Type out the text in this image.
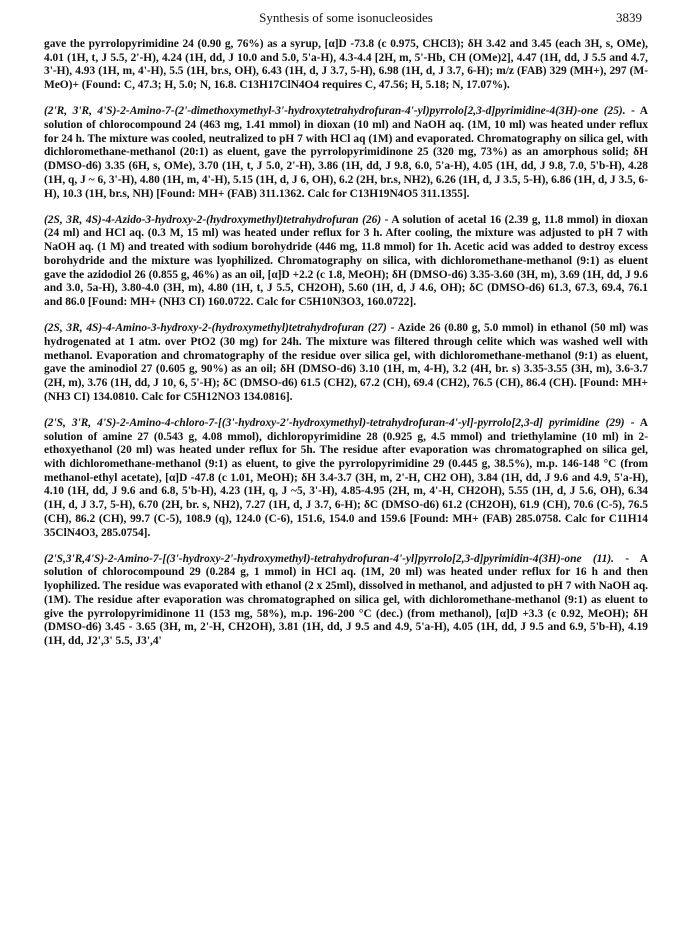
Synthesis of some isonucleosides	3839

gave the pyrrolopyrimidine 24 (0.90 g, 76%) as a syrup, [α]D -73.8 (c 0.975, CHCl3); δH 3.42 and 3.45 (each 3H, s, OMe), 4.01 (1H, t, J 5.5, 2'-H), 4.24 (1H, dd, J 10.0 and 5.0, 5'a-H), 4.3-4.4 [2H, m, 5'-Hb, CH (OMe)2], 4.47 (1H, dd, J 5.5 and 4.7, 3'-H), 4.93 (1H, m, 4'-H), 5.5 (1H, br.s, OH), 6.43 (1H, d, J 3.7, 5-H), 6.98 (1H, d, J 3.7, 6-H); m/z (FAB) 329 (MH+), 297 (M-MeO)+ (Found: C, 47.3; H, 5.0; N, 16.8. C13H17ClN4O4 requires C, 47.56; H, 5.18; N, 17.07%).

(2'R, 3'R, 4'S)-2-Amino-7-(2'-dimethoxymethyl-3'-hydroxytetrahydrofuran-4'-yl)pyrrolo[2,3-d]pyrimidine-4(3H)-one (25). - A solution of chlorocompound 24 (463 mg, 1.41 mmol) in dioxan (10 ml) and NaOH aq. (1M, 10 ml) was heated under reflux for 24 h. The mixture was cooled, neutralized to pH 7 with HCl aq (1M) and evaporated. Chromatography on silica gel, with dichloromethane-methanol (20:1) as eluent, gave the pyrrolopyrimidinone 25 (320 mg, 73%) as an amorphous solid; δH (DMSO-d6) 3.35 (6H, s, OMe), 3.70 (1H, t, J 5.0, 2'-H), 3.86 (1H, dd, J 9.8, 6.0, 5'a-H), 4.05 (1H, dd, J 9.8, 7.0, 5'b-H), 4.28 (1H, q, J ~ 6, 3'-H), 4.80 (1H, m, 4'-H), 5.15 (1H, d, J 6, OH), 6.2 (2H, br.s, NH2), 6.26 (1H, d, J 3.5, 5-H), 6.86 (1H, d, J 3.5, 6-H), 10.3 (1H, br.s, NH) [Found: MH+ (FAB) 311.1362. Calc for C13H19N4O5 311.1355].

(2S, 3R, 4S)-4-Azido-3-hydroxy-2-(hydroxymethyl)tetrahydrofuran (26) - A solution of acetal 16 (2.39 g, 11.8 mmol) in dioxan (24 ml) and HCl aq. (0.3 M, 15 ml) was heated under reflux for 3 h. After cooling, the mixture was adjusted to pH 7 with NaOH aq. (1 M) and treated with sodium borohydride (446 mg, 11.8 mmol) for 1h. Acetic acid was added to destroy excess borohydride and the mixture was lyophilized. Chromatography on silica, with dichloromethane-methanol (9:1) as eluent gave the azidodiol 26 (0.855 g, 46%) as an oil, [α]D +2.2 (c 1.8, MeOH); δH (DMSO-d6) 3.35-3.60 (3H, m), 3.69 (1H, dd, J 9.6 and 3.0, 5a-H), 3.80-4.0 (3H, m), 4.80 (1H, t, J 5.5, CH2OH), 5.60 (1H, d, J 4.6, OH); δC (DMSO-d6) 61.3, 67.3, 69.4, 76.1 and 86.0 [Found: MH+ (NH3 CI) 160.0722. Calc for C5H10N3O3, 160.0722].

(2S, 3R, 4S)-4-Amino-3-hydroxy-2-(hydroxymethyl)tetrahydrofuran (27) - Azide 26 (0.80 g, 5.0 mmol) in ethanol (50 ml) was hydrogenated at 1 atm. over PtO2 (30 mg) for 24h. The mixture was filtered through celite which was washed well with methanol. Evaporation and chromatography of the residue over silica gel, with dichloromethane-methanol (9:1) as eluent, gave the aminodiol 27 (0.605 g, 90%) as an oil; δH (DMSO-d6) 3.10 (1H, m, 4-H), 3.2 (4H, br. s) 3.35-3.55 (3H, m), 3.6-3.7 (2H, m), 3.76 (1H, dd, J 10, 6, 5'-H); δC (DMSO-d6) 61.5 (CH2), 67.2 (CH), 69.4 (CH2), 76.5 (CH), 86.4 (CH). [Found: MH+ (NH3 CI) 134.0810. Calc for C5H12NO3 134.0816].

(2'S, 3'R, 4'S)-2-Amino-4-chloro-7-[(3'-hydroxy-2'-hydroxymethyl)-tetrahydrofuran-4'-yl]-pyrrolo[2,3-d] pyrimidine (29) - A solution of amine 27 (0.543 g, 4.08 mmol), dichloropyrimidine 28 (0.925 g, 4.5 mmol) and triethylamine (10 ml) in 2-ethoxyethanol (20 ml) was heated under reflux for 5h. The residue after evaporation was chromatographed on silica gel, with dichloromethane-methanol (9:1) as eluent, to give the pyrrolopyrimidine 29 (0.445 g, 38.5%), m.p. 146-148 °C (from methanol-ethyl acetate), [α]D -47.8 (c 1.01, MeOH); δH 3.4-3.7 (3H, m, 2'-H, CH2 OH), 3.84 (1H, dd, J 9.6 and 4.9, 5'a-H), 4.10 (1H, dd, J 9.6 and 6.8, 5'b-H), 4.23 (1H, q, J ~5, 3'-H), 4.85-4.95 (2H, m, 4'-H, CH2OH), 5.55 (1H, d, J 5.6, OH), 6.34 (1H, d, J 3.7, 5-H), 6.70 (2H, br. s, NH2), 7.27 (1H, d, J 3.7, 6-H); δC (DMSO-d6) 61.2 (CH2OH), 61.9 (CH), 70.6 (C-5), 76.5 (CH), 86.2 (CH), 99.7 (C-5), 108.9 (q), 124.0 (C-6), 151.6, 154.0 and 159.6 [Found: MH+ (FAB) 285.0758. Calc for C11H14 35ClN4O3, 285.0754].

(2'S,3'R,4'S)-2-Amino-7-[(3'-hydroxy-2'-hydroxymethyl)-tetrahydrofuran-4'-yl]pyrrolo[2,3-d]pyrimidin-4(3H)-one (11). - A solution of chlorocompound 29 (0.284 g, 1 mmol) in HCl aq. (1M, 20 ml) was heated under reflux for 16 h and then lyophilized. The residue was evaporated with ethanol (2 x 25ml), dissolved in methanol, and adjusted to pH 7 with NaOH aq. (1M). The residue after evaporation was chromatographed on silica gel, with dichloromethane-methanol (9:1) as eluent to give the pyrrolopyrimidinone 11 (153 mg, 58%), m.p. 196-200 °C (dec.) (from methanol), [α]D +3.3 (c 0.92, MeOH); δH (DMSO-d6) 3.45 - 3.65 (3H, m, 2'-H, CH2OH), 3.81 (1H, dd, J 9.5 and 4.9, 5'a-H), 4.05 (1H, dd, J 9.5 and 6.9, 5'b-H), 4.19 (1H, dd, J2',3' 5.5, J3',4'
